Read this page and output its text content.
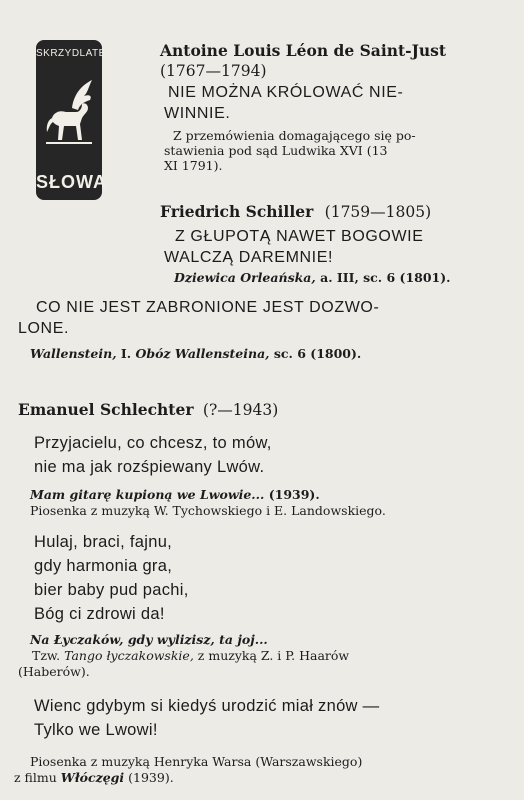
SKRZYDLATE
SŁOWA
Antoine Louis Léon de Saint-Just
(1767—1794)
NIE MOŻNA KRÓLOWAĆ NIE-
WINNIE.
Z przemówienia domagającego się po-
stawienia pod sąd Ludwika XVI (13
XI 1791).
Friedrich Schiller (1759—1805)
Z GŁUPOTĄ NAWET BOGOWIE
WALCZĄ DAREMNIE!
Dziewica Orleańska, a. III, sc. 6 (1801).
CO NIE JEST ZABRONIONE JEST DOZWO-
LONE.
Wallenstein, I. Obóz Wallensteina, sc. 6 (1800).
Emanuel Schlechter (?—1943)
Przyjacielu, co chcesz, to mów,
nie ma jak rozśpiewany Lwów.
Mam gitarę kupioną we Lwowie... (1939).
Piosenka z muzyką W. Tychowskiego i E. Landowskiego.
Hulaj, braci, fajnu,
gdy harmonia gra,
bier baby pud pachi,
Bóg ci zdrowi da!
Na Łyczaków, gdy wylizisz, ta joj...
Tzw. Tango łyczakowskie, z muzyką Z. i P. Haarów
(Haberów).
Wienc gdybym si kiedyś urodzić miał znów —
Tylko we Lwowi!
Piosenka z muzyką Henryka Warsa (Warszawskiego)
z filmu Włóczęgi (1939).
